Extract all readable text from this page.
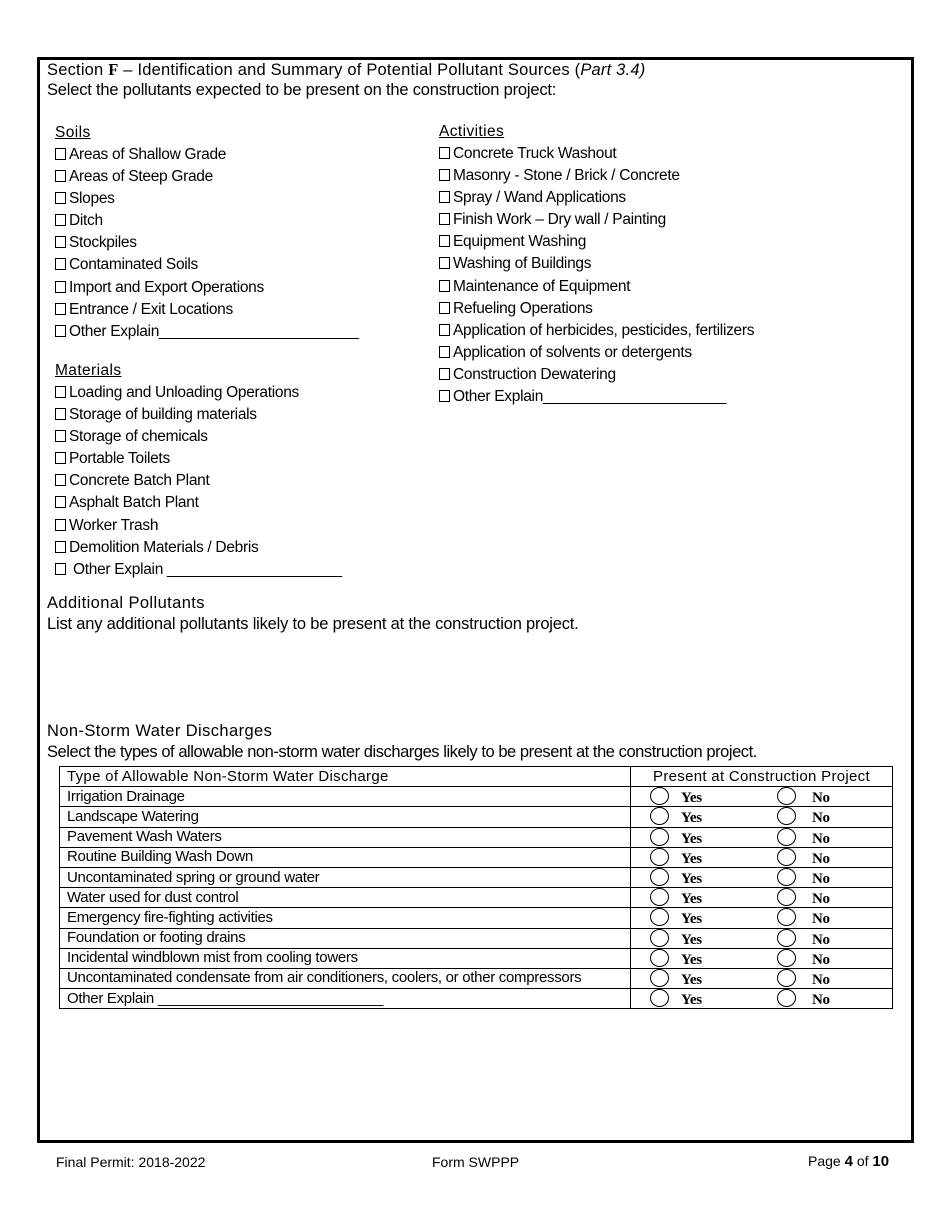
Section F – Identification and Summary of Potential Pollutant Sources (Part 3.4)
Select the pollutants expected to be present on the construction project:
Soils
Areas of Shallow Grade
Areas of Steep Grade
Slopes
Ditch
Stockpiles
Contaminated Soils
Import and Export Operations
Entrance / Exit Locations
Other Explain________________________
Materials
Loading and Unloading Operations
Storage of building materials
Storage of chemicals
Portable Toilets
Concrete Batch Plant
Asphalt Batch Plant
Worker Trash
Demolition Materials / Debris
Other Explain _____________________
Activities
Concrete Truck Washout
Masonry - Stone / Brick / Concrete
Spray / Wand Applications
Finish Work – Dry wall / Painting
Equipment Washing
Washing of Buildings
Maintenance of Equipment
Refueling Operations
Application of herbicides, pesticides, fertilizers
Application of solvents or detergents
Construction Dewatering
Other Explain______________________
Additional Pollutants
List any additional pollutants likely to be present at the construction project.
Non-Storm Water Discharges
Select the types of allowable non-storm water discharges likely to be present at the construction project.
Type of Allowable Non-Storm Water Discharge	Present at Construction Project
Irrigation Drainage	Yes No

Landscape Watering	Yes No

Pavement Wash Waters	Yes No

Routine Building Wash Down	Yes No

Uncontaminated spring or ground water	Yes No

Water used for dust control	Yes No

Emergency fire-fighting activities	Yes No

Foundation or footing drains	Yes No

Incidental windblown mist from cooling towers	Yes No

Uncontaminated condensate from air conditioners, coolers, or other compressors	Yes No

Other Explain ____________________________	Yes No
Final Permit: 2018-2022	Form SWPPP	Page 4 of 10
